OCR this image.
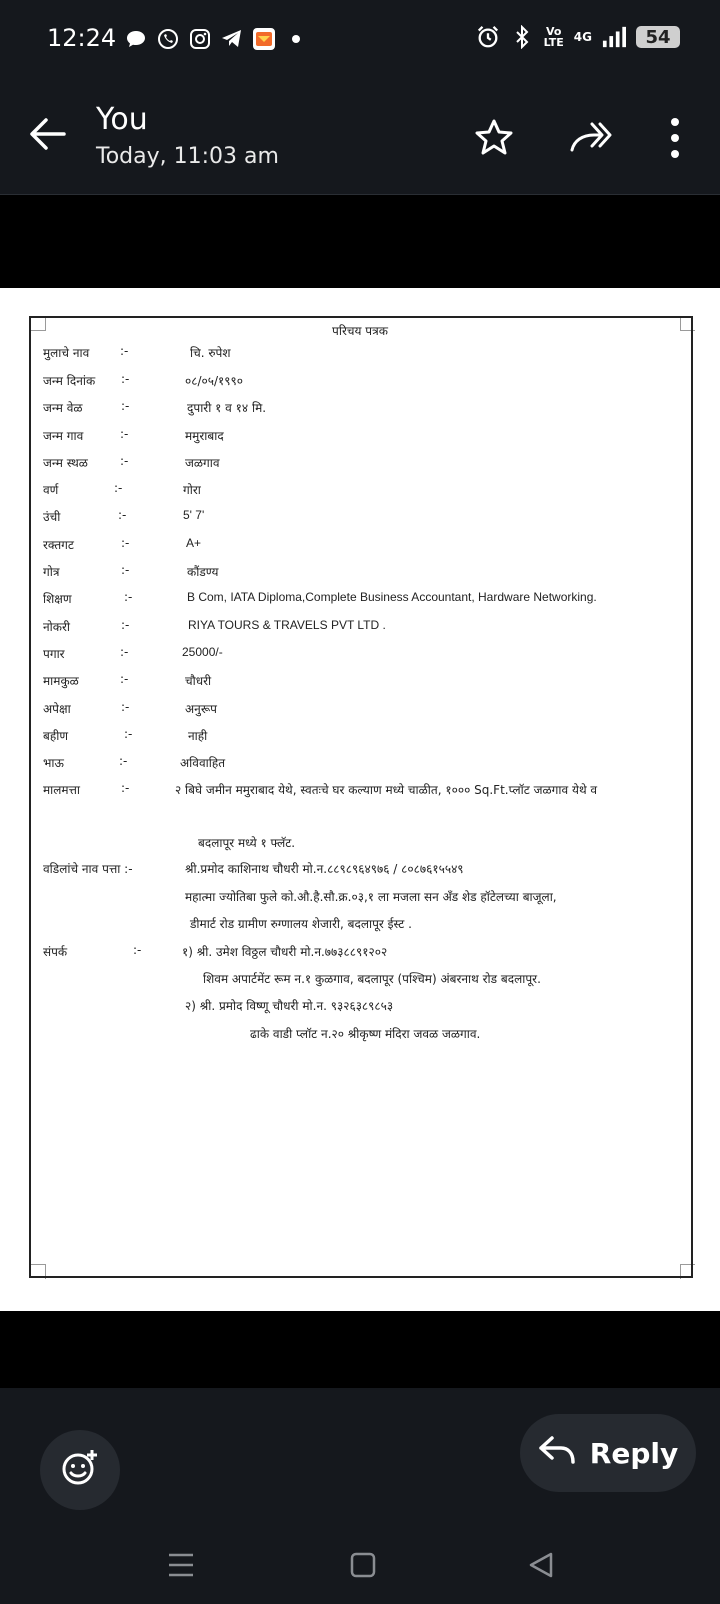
12:24	Vo
LTE 4G	54
You
Today, 11:03 am
परिचय पत्रक
मुलाचे नाव	:-	चि. रुपेश
जन्म दिनांक :-	०८/०५/१९९०
जन्म वेळ	:-	दुपारी १ व १४ मि.
जन्म गाव	:-	ममुराबाद
जन्म स्थळ	:-	जळगाव
वर्ण	:-	गोरा
उंची	:-	5' 7'
रक्तगट	:-	A+
गोत्र	:-	कौंडण्य
शिक्षण	:-	B Com, IATA Diploma,Complete Business Accountant, Hardware Networking.
नोकरी	:-	RIYA TOURS & TRAVELS PVT LTD .
पगार	:-	25000/-
मामकुळ	:-	चौधरी
अपेक्षा	:-	अनुरूप
बहीण	:-	नाही
भाऊ	:-	अविवाहित
मालमत्ता	:-	२ बिघे जमीन ममुराबाद येथे, स्वतःचे घर कल्याण मध्ये चाळीत, १००० Sq.Ft.प्लॉट जळगाव येथे व
बदलापूर मध्ये १ फ्लॅट.
वडिलांचे नाव पत्ता :-	श्री.प्रमोद काशिनाथ चौधरी मो.न.८८९८९६४९७६ / ८०८७६१५५४९
महात्मा ज्योतिबा फुले को.औ.है.सौ.क्र.०३,१ ला मजला सन अँड शेड हॉटेलच्या बाजूला,
डीमार्ट रोड ग्रामीण रुग्णालय शेजारी, बदलापूर ईस्ट .
संपर्क	:-	१) श्री. उमेश विठ्ठल चौधरी मो.न.७७३८८९१२०२
शिवम अपार्टमेंट रूम न.१ कुळगाव, बदलापूर (पश्चिम) अंबरनाथ रोड बदलापूर.
२) श्री. प्रमोद विष्णू चौधरी मो.न. ९३२६३८९८५३
ढाके वाडी प्लॉट न.२० श्रीकृष्ण मंदिरा जवळ जळगाव.
Reply
